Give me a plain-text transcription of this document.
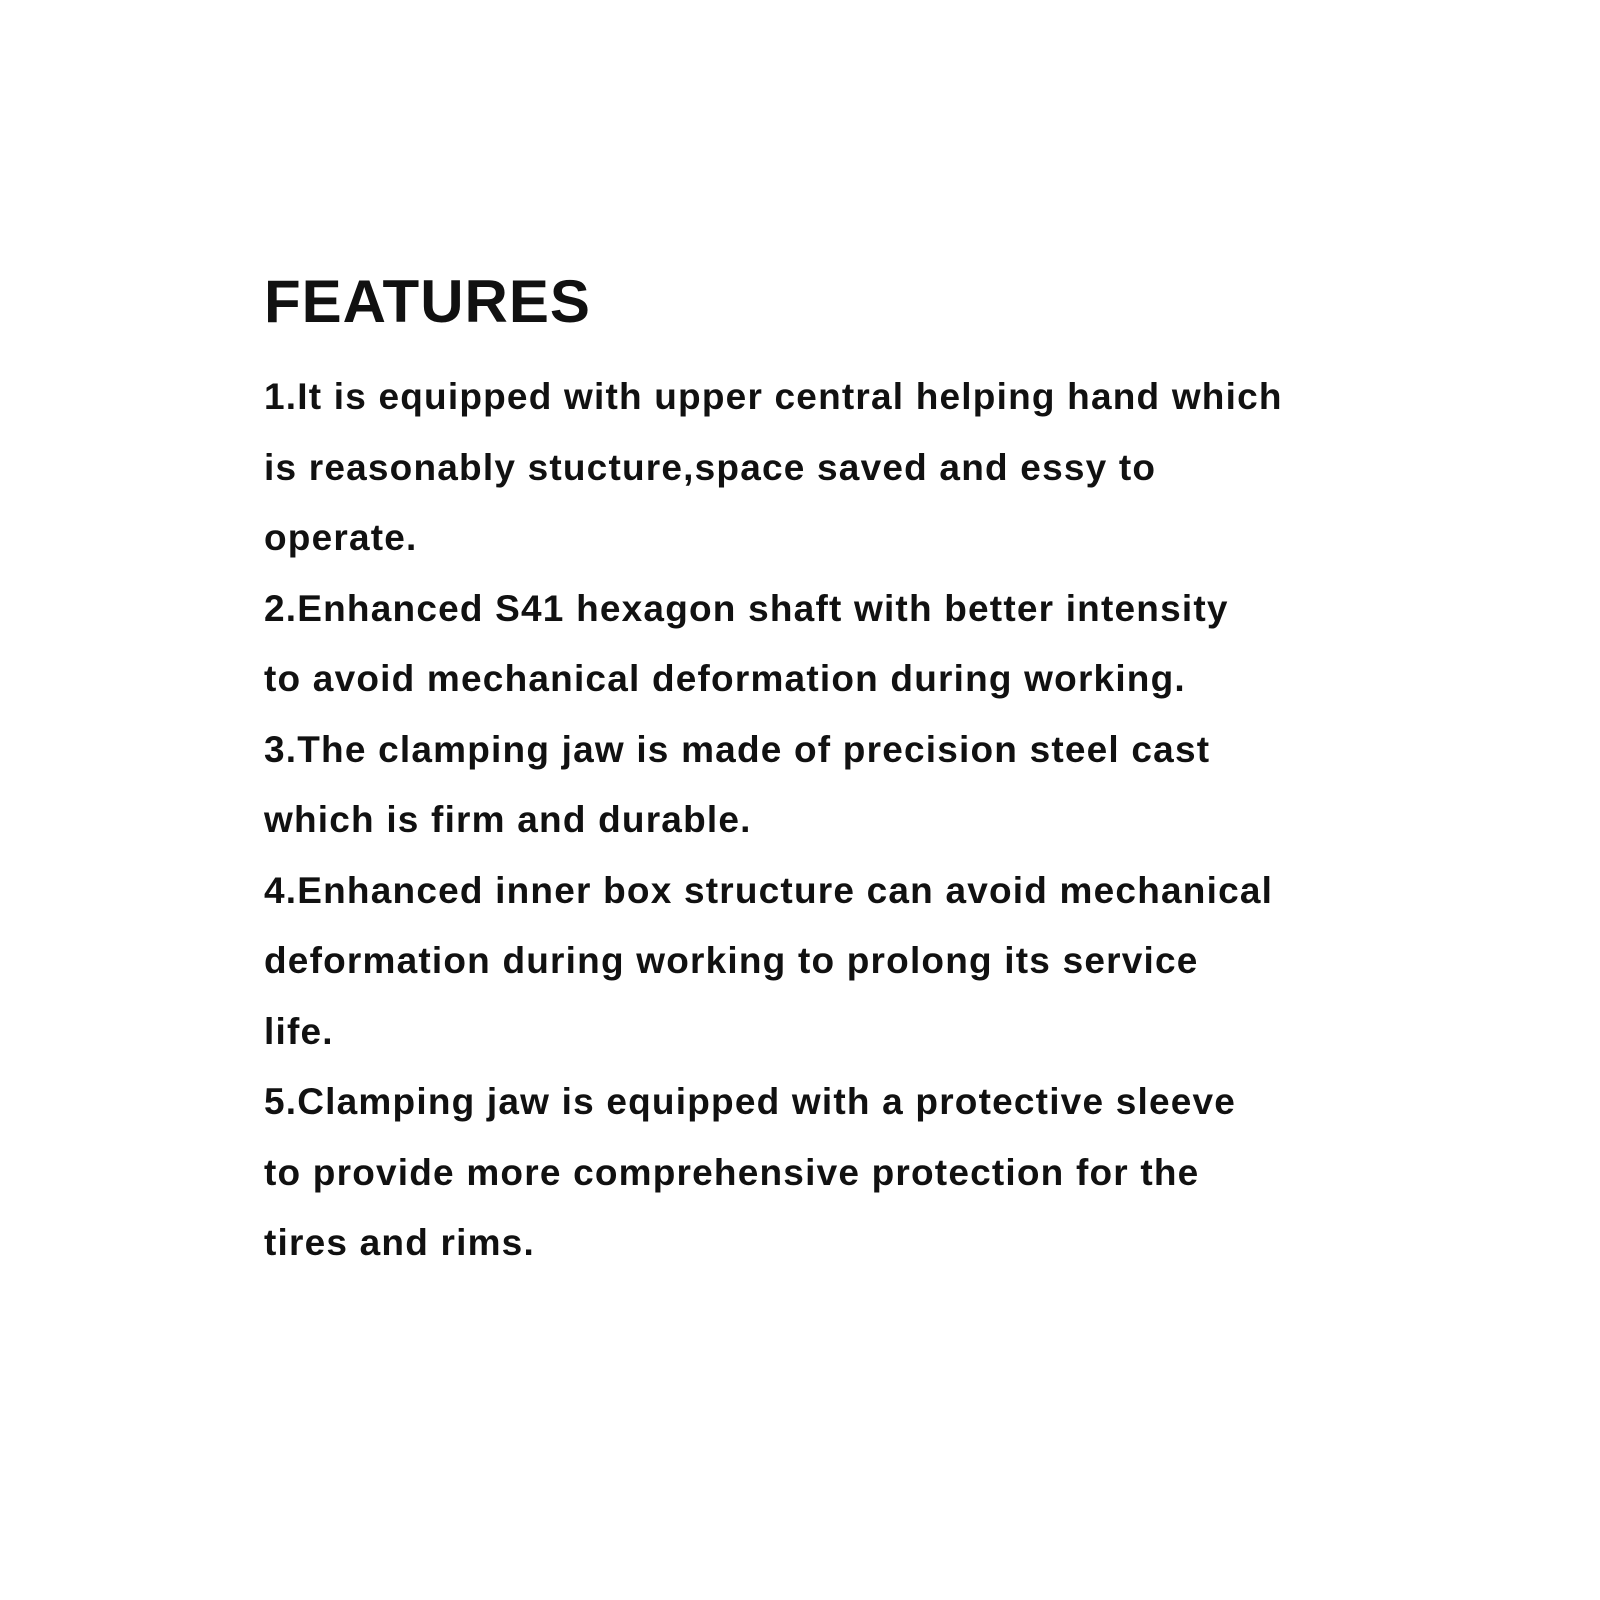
FEATURES
1.It is equipped with upper central helping hand which
is reasonably stucture,space saved and essy to
operate.
2.Enhanced S41 hexagon shaft with better intensity
to avoid mechanical deformation during working.
3.The clamping jaw is made of precision steel cast
which is firm and durable.
4.Enhanced inner box structure can avoid mechanical
deformation during working to prolong its service
life.
5.Clamping jaw is equipped with a protective sleeve
to provide more comprehensive protection for the
tires and rims.
